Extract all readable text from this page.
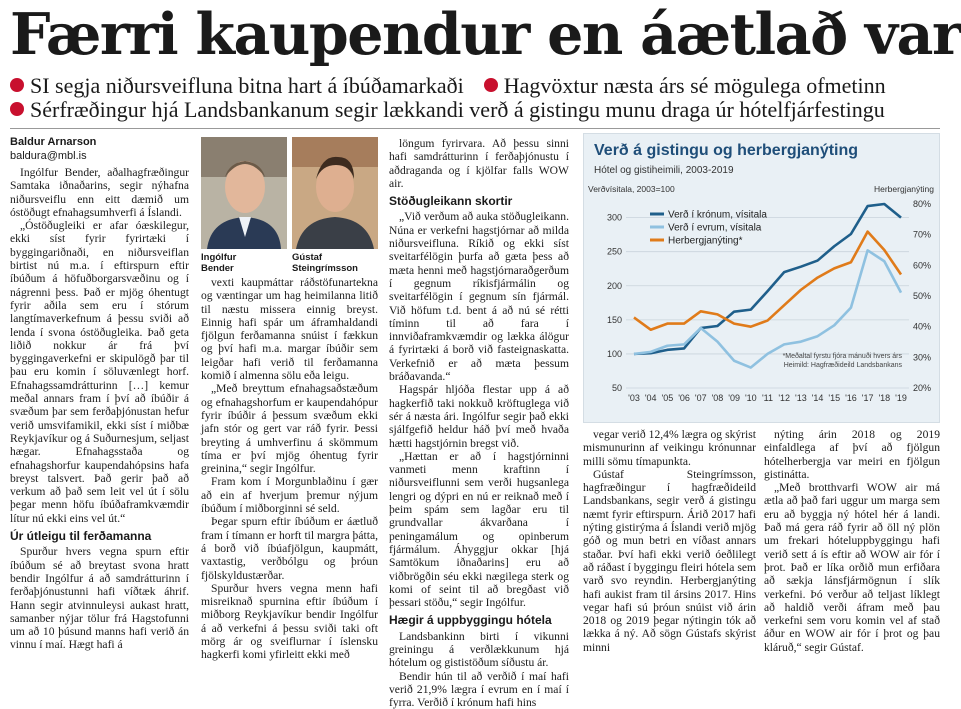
Færri kaupendur en áætlað var
SI segja niðursveifluna bitna hart á íbúðamarkaði Hagvöxtur næsta árs sé mögulega ofmetinn
Sérfræðingur hjá Landsbankanum segir lækkandi verð á gistingu munu draga úr hótelfjárfestingu
Baldur Arnarson
baldura@mbl.is

Ingólfur Bender, aðalhagfræðingur Samtaka iðnaðarins, segir nýhafna niðursveiflu enn eitt dæmið um óstöðugt efnahagsumhverfi á Íslandi.

„Óstöðugleiki er afar óæskilegur, ekki síst fyrir fyrirtæki í byggingariðnaði, en niðursveiflan birtist nú m.a. í eftirspurn eftir íbúðum á höfuðborgarsvæðinu og í nágrenni þess. Það er mjög óhentugt fyrir aðila sem eru í stórum langtímaverkefnum á þessu sviði að lenda í svona óstöðugleika. Það geta liðið nokkur ár frá því byggingaverkefni er skipulögð þar til þau eru komin í söluvænlegt horf. Efnahagssamdrátturinn […] kemur meðal annars fram í því að íbúðir á svæðum þar sem ferðaþjónustan hefur verið umsvifamikil, ekki síst í miðbæ Reykjavíkur og á Suðurnesjum, seljast hægar. Efnahagsstaða og efnahagshorfur kaupendahópsins hafa breyst talsvert. Það gerir það að verkum að það sem leit vel út í sölu þegar menn höfu íbúðaframkvæmdir lítur nú ekki eins vel út.“

Úr útleigu til ferðamanna

Spurður hvers vegna spurn eftir íbúðum sé að breytast svona hratt bendir Ingólfur á að samdrátturinn í ferðaþjónustunni hafi víðtæk áhrif. Hann segir atvinnuleysi aukast hratt, samanber nýjar tölur frá Hagstofunni um að 10 þúsund manns hafi verið án vinnu í maí. Hægt hafi á

Ingólfur
Bender
Gústaf
Steingrímsson

vexti kaupmáttar ráðstöfunartekna og væntingar um hag heimilanna litið til næstu missera einnig breyst. Einnig hafi spár um áframhaldandi fjölgun ferðamanna snúist í fækkun og því hafi m.a. margar íbúðir sem leigðar hafi verið til ferðamanna komið í almenna sölu eða leigu.

„Með breyttum efnahagsaðstæðum og efnahagshorfum er kaupendahópur fyrir íbúðir á þessum svæðum ekki jafn stór og gert var ráð fyrir. Þessi breyting á umhverfinu á skömmum tíma er því mjög óhentug fyrir greinina,“ segir Ingólfur.

Fram kom í Morgunblaðinu í gær að ein af hverjum þremur nýjum íbúðum í miðborginni sé seld.

Þegar spurn eftir íbúðum er áætluð fram í tímann er horft til margra þátta, á borð við íbúafjölgun, kaupmátt, vaxtastig, verðbólgu og þróun fjölskyldustærðar.

Spurður hvers vegna menn hafi misreiknað spurnina eftir íbúðum í miðborg Reykjavíkur bendir Ingólfur á að verkefni á þessu sviði taki oft mörg ár og sveiflurnar í íslensku hagkerfi komi yfirleitt ekki með

löngum fyrirvara. Að þessu sinni hafi samdrátturinn í ferðaþjónustu í aðdraganda og í kjölfar falls WOW air.

Stöðugleikann skortir

„Við verðum að auka stöðugleikann. Núna er verkefni hagstjórnar að milda niðursveifluna. Ríkið og ekki síst sveitarfélögin þurfa að gæta þess að mæta henni með hagstjórnaraðgerðum í gegnum ríkisfjármálin og sveitarfélögin í gegnum sín fjármál. Við höfum t.d. bent á að nú sé rétti tíminn til að fara í innviðaframkvæmdir og lækka álögur á fyrirtæki á borð við fasteignaskatta. Verkefnið er að mæta þessum bráðavanda.“

Hagspár hljóða flestar upp á að hagkerfið taki nokkuð kröftuglega við sér á næsta ári. Ingólfur segir það ekki sjálfgefið heldur háð því með hvaða hætti hagstjórnin bregst við.

„Hættan er að í hagstjórninni vanmeti menn kraftinn í niðursveiflunni sem verði hugsanlega lengri og dýpri en nú er reiknað með í þeim spám sem lagðar eru til grundvallar ákvarðana í peningamálum og opinberum fjármálum. Áhyggjur okkar [hjá Samtökum iðnaðarins] eru að viðbrögðin séu ekki nægilega sterk og komi of seint til að bregðast við þessari stöðu,“ segir Ingólfur.

Hægir á uppbyggingu hótela

Landsbankinn birti í vikunni greiningu á verðlækkunum hjá hótelum og gististöðum síðustu ár.

Bendir hún til að verðið í maí hafi verið 21,9% lægra í evrum en í maí í fyrra. Verðið í krónum hafi hins

Verð á gistingu og herbergjanýting
Hótel og gistiheimili, 2003-2019
Verðvísitala, 2003=100	Herbergjanýting
50
100
150
200
250
300
20%
30%
40%
50%
60%
70%
80%
'03 '04 '05 '06 '07 '08 '09 '10 '11 '12 '13 '14 '15 '16 '17 '18 '19
Verð í krónum, vísitala
Verð í evrum, vísitala
Herbergjanýting*
*Meðaltal fyrstu fjóra mánuði hvers árs
Heimild: Hagfræðideild Landsbankans

vegar verið 12,4% lægra og skýrist mismunurinn af veikingu krónunnar milli sömu tímapunkta.

Gústaf Steingrímsson, hagfræðingur í hagfræðideild Landsbankans, segir verð á gistingu næmt fyrir eftirspurn. Árið 2017 hafi nýting gistirýma á Íslandi verið mjög góð og mun betri en víðast annars staðar. Því hafi ekki verið óeðlilegt að ráðast í byggingu fleiri hótela sem varð svo reyndin. Herbergjanýting hafi aukist fram til ársins 2017. Hins vegar hafi sú þróun snúist við árin 2018 og 2019 þegar nýtingin tók að lækka á ný. Að sögn Gústafs skýrist minni

nýting árin 2018 og 2019 einfaldlega af því að fjölgun hótelherbergja var meiri en fjölgun gistinátta.

„Með brotthvarfi WOW air má ætla að það fari uggur um marga sem eru að byggja ný hótel hér á landi. Það má gera ráð fyrir að öll ný plön um frekari hóteluppbyggingu hafi verið sett á ís eftir að WOW air fór í þrot. Það er líka orðið mun erfiðara að sækja lánsfjármögnun í slík verkefni. Þó verður að teljast líklegt að haldið verði áfram með þau verkefni sem voru komin vel af stað áður en WOW air fór í þrot og þau kláruð,“ segir Gústaf.
